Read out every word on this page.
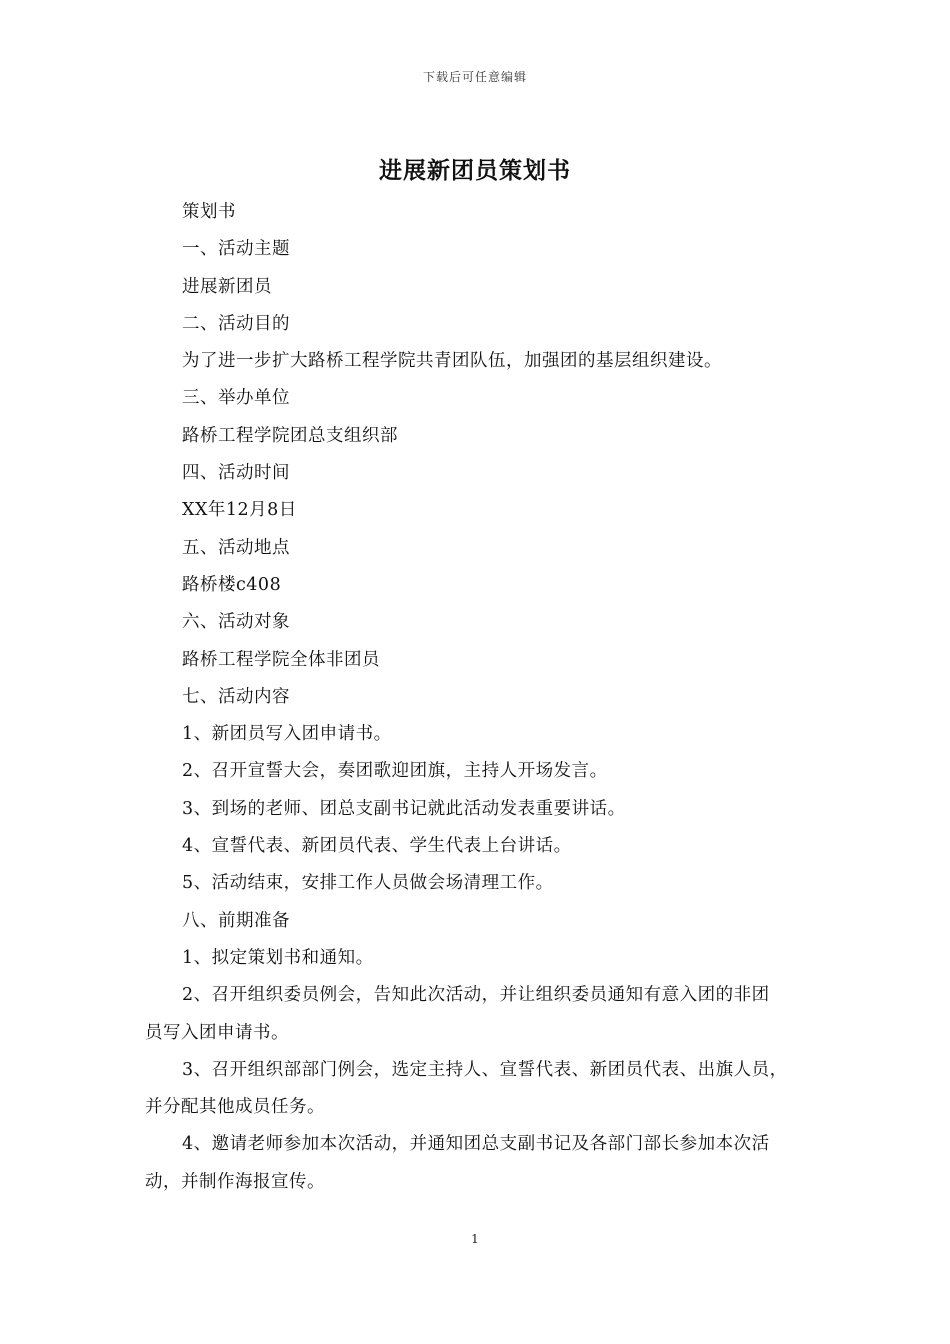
下载后可任意编辑
进展新团员策划书
策划书
一、活动主题
进展新团员
二、活动目的
为了进一步扩大路桥工程学院共青团队伍，加强团的基层组织建设。
三、举办单位
路桥工程学院团总支组织部
四、活动时间
XX年12月8日
五、活动地点
路桥楼c408
六、活动对象
路桥工程学院全体非团员
七、活动内容
1、新团员写入团申请书。
2、召开宣誓大会，奏团歌迎团旗，主持人开场发言。
3、到场的老师、团总支副书记就此活动发表重要讲话。
4、宣誓代表、新团员代表、学生代表上台讲话。
5、活动结束，安排工作人员做会场清理工作。
八、前期准备
1、拟定策划书和通知。
2、召开组织委员例会，告知此次活动，并让组织委员通知有意入团的非团
员写入团申请书。
3、召开组织部部门例会，选定主持人、宣誓代表、新团员代表、出旗人员，
并分配其他成员任务。
4、邀请老师参加本次活动，并通知团总支副书记及各部门部长参加本次活
动，并制作海报宣传。
1
